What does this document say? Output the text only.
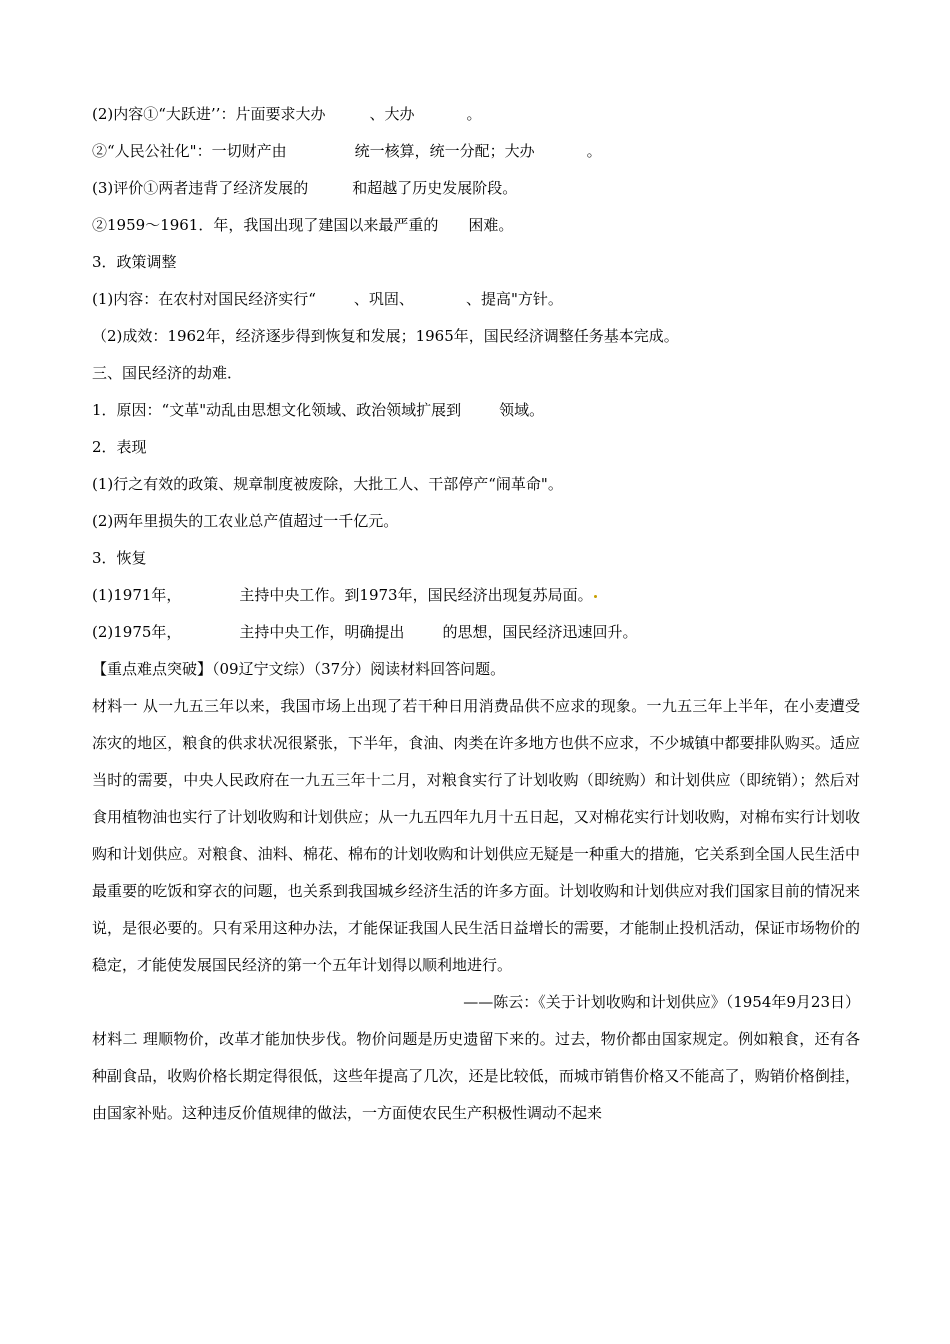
(2)内容①“大跃进’’：片面要求大办	、大办	。
②“人民公社化"：一切财产由	统一核算，统一分配；大办	。
(3)评价①两者违背了经济发展的	和超越了历史发展阶段。
②1959～1961．年，我国出现了建国以来最严重的 困难。
3．政策调整
(1)内容：在农村对国民经济实行“	、巩固、	、提高"方针。
（2)成效：1962年，经济逐步得到恢复和发展；1965年，国民经济调整任务基本完成。
三、国民经济的劫难．
1．原因：“文革"动乱由思想文化领域、政治领域扩展到	领域。
2．表现
(1)行之有效的政策、规章制度被废除，大批工人、干部停产“闹革命"。
(2)两年里损失的工农业总产值超过一千亿元。
3．恢复
(1)1971年，	主持中央工作。到1973年，国民经济出现复苏局面。
(2)1975年，	主持中央工作，明确提出	的思想，国民经济迅速回升。
【重点难点突破】（09辽宁文综）（37分）阅读材料回答问题。

材料一 从一九五三年以来，我国市场上出现了若干种日用消费品供不应求的现象。一九五三年上半年，在小麦遭受冻灾的地区，粮食的供求状况很紧张，下半年，食油、肉类在许多地方也供不应求，不少城镇中都要排队购买。适应当时的需要，中央人民政府在一九五三年十二月，对粮食实行了计划收购（即统购）和计划供应（即统销）；然后对食用植物油也实行了计划收购和计划供应；从一九五四年九月十五日起，又对棉花实行计划收购，对棉布实行计划收购和计划供应。对粮食、油料、棉花、棉布的计划收购和计划供应无疑是一种重大的措施，它关系到全国人民生活中最重要的吃饭和穿衣的问题，也关系到我国城乡经济生活的许多方面。计划收购和计划供应对我们国家目前的情况来说，是很必要的。只有采用这种办法，才能保证我国人民生活日益增长的需要，才能制止投机活动，保证市场物价的稳定，才能使发展国民经济的第一个五年计划得以顺利地进行。

——陈云：《关于计划收购和计划供应》（1954年9月23日）

材料二 理顺物价，改革才能加快步伐。物价问题是历史遗留下来的。过去，物价都由国家规定。例如粮食，还有各种副食品，收购价格长期定得很低，这些年提高了几次，还是比较低，而城市销售价格又不能高了，购销价格倒挂，由国家补贴。这种违反价值规律的做法，一方面使农民生产积极性调动不起来
